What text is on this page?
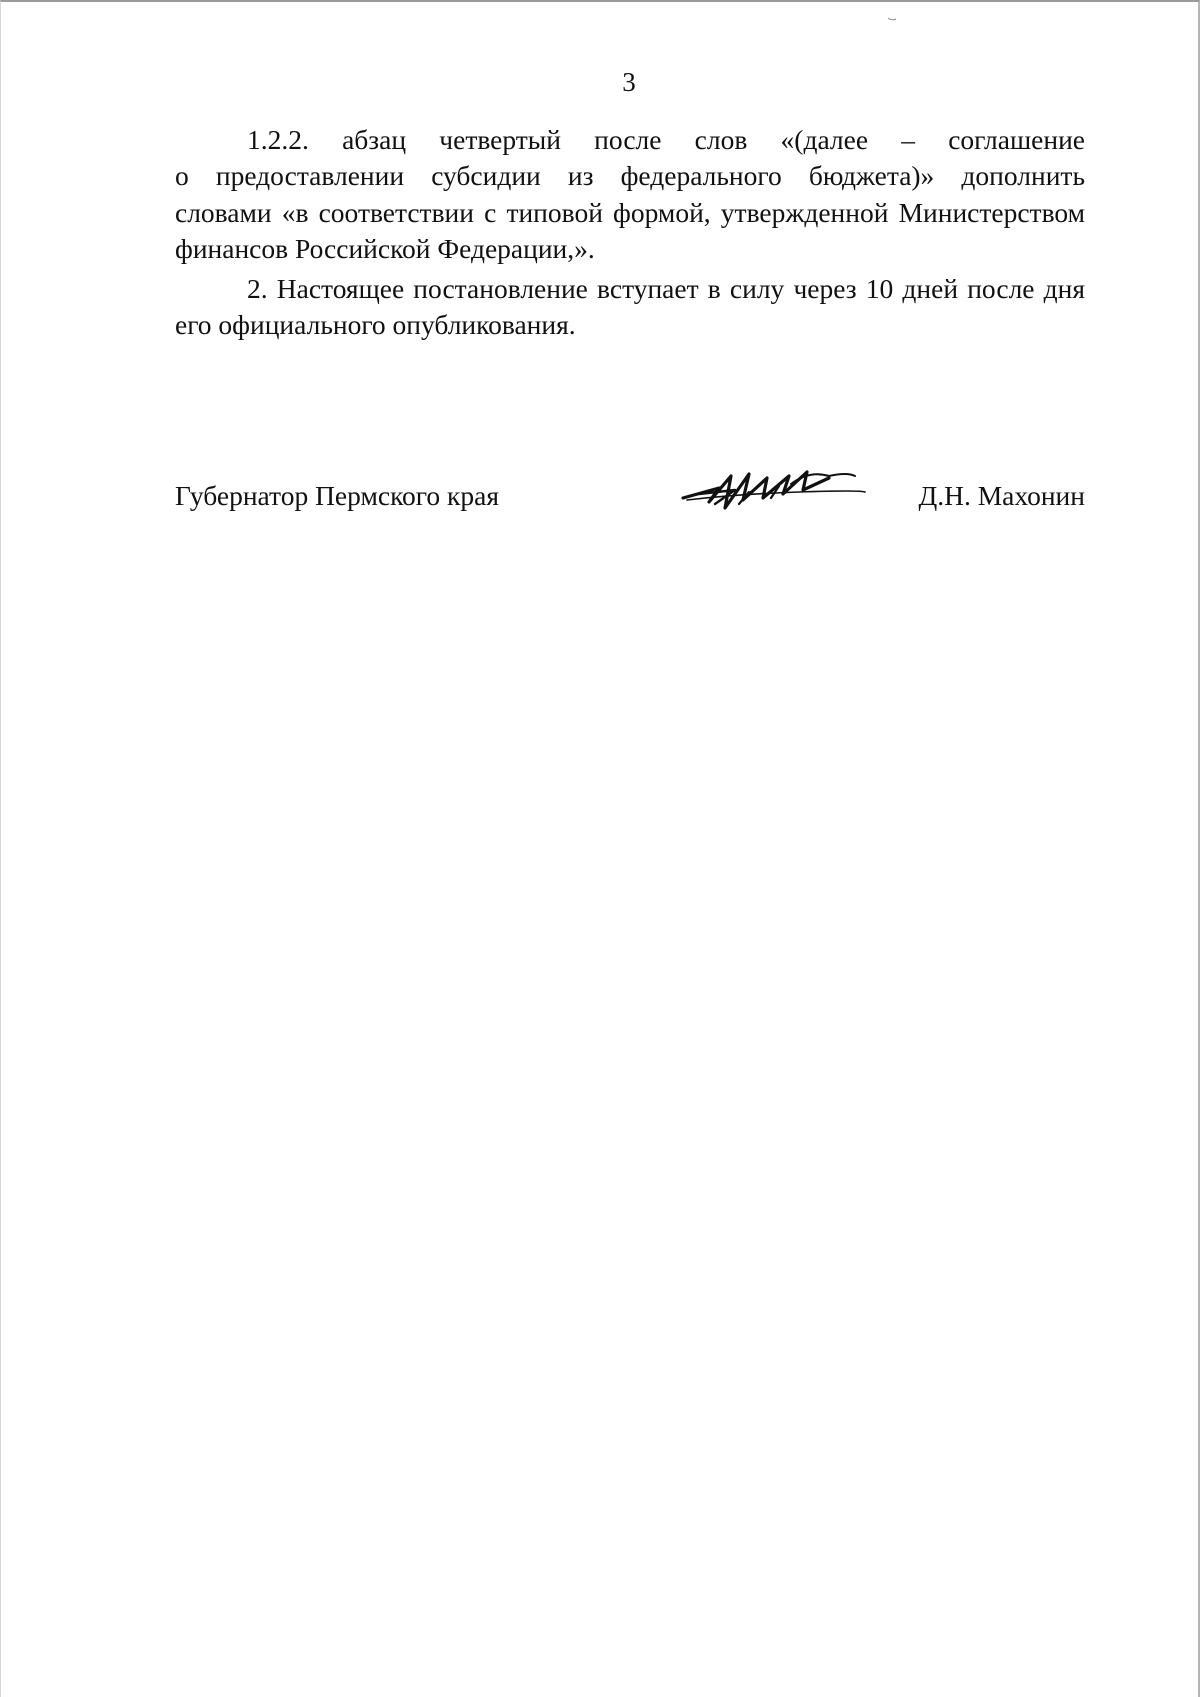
3

1.2.2. абзац четвертый после слов «(далее – соглашение
о предоставлении субсидии из федерального бюджета)» дополнить
словами «в соответствии с типовой формой, утвержденной Министерством
финансов Российской Федерации,».

2. Настоящее постановление вступает в силу через 10 дней после дня
его официального опубликования.

Губернатор Пермского края	Д.Н. Махонин
